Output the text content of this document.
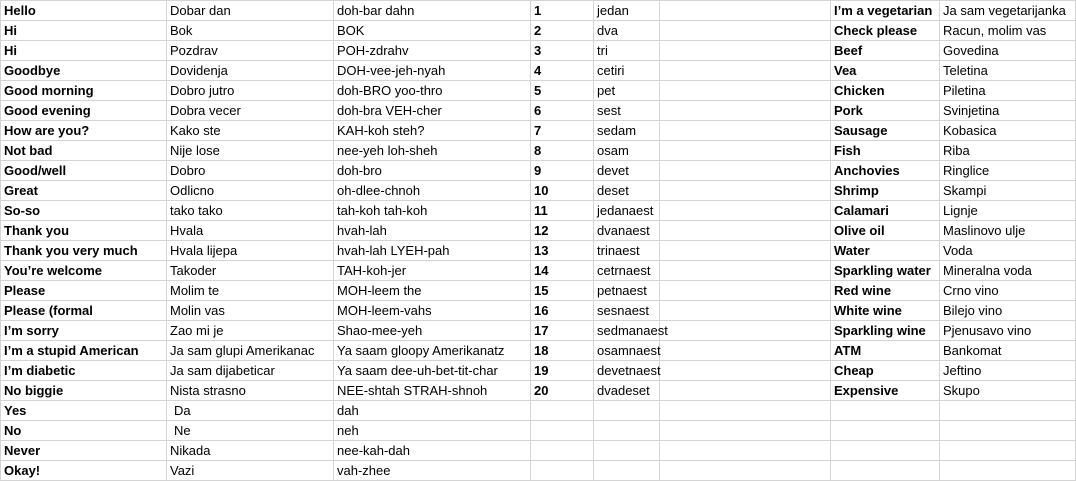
Hello	Dobar dan	doh-bar dahn	1	jedan		I’m a vegetarian	Ja sam vegetarijanka
Hi	Bok	BOK	2	dva		Check please	Racun, molim vas
Hi	Pozdrav	POH-zdrahv	3	tri		Beef	Govedina
Goodbye	Dovidenja	DOH-vee-jeh-nyah	4	cetiri		Vea	Teletina
Good morning	Dobro jutro	doh-BRO yoo-thro	5	pet		Chicken	Piletina
Good evening	Dobra vecer	doh-bra VEH-cher	6	sest		Pork	Svinjetina
How are you?	Kako ste	KAH-koh steh?	7	sedam		Sausage	Kobasica
Not bad	Nije lose	nee-yeh loh-sheh	8	osam		Fish	Riba
Good/well	Dobro	doh-bro	9	devet		Anchovies	Ringlice
Great	Odlicno	oh-dlee-chnoh	10	deset		Shrimp	Skampi
So-so	tako tako	tah-koh tah-koh	11	jedanaest		Calamari	Lignje
Thank you	Hvala	hvah-lah	12	dvanaest		Olive oil	Maslinovo ulje
Thank you very much	Hvala lijepa	hvah-lah LYEH-pah	13	trinaest		Water	Voda
You’re welcome	Takoder	TAH-koh-jer	14	cetrnaest		Sparkling water	Mineralna voda
Please	Molim te	MOH-leem the	15	petnaest		Red wine	Crno vino
Please (formal	Molin vas	MOH-leem-vahs	16	sesnaest		White wine	Bilejo vino
I’m sorry	Zao mi je	Shao-mee-yeh	17	sedmanaest		Sparkling wine	Pjenusavo vino
I’m a stupid American	Ja sam glupi Amerikanac	Ya saam gloopy Amerikanatz	18	osamnaest		ATM	Bankomat
I’m diabetic	Ja sam dijabeticar	Ya saam dee-uh-bet-tit-char	19	devetnaest		Cheap	Jeftino
No biggie	Nista strasno	NEE-shtah STRAH-shnoh	20	dvadeset		Expensive	Skupo
Yes	Da	dah					
No	Ne	neh					
Never	Nikada	nee-kah-dah					
Okay!	Vazi	vah-zhee					
